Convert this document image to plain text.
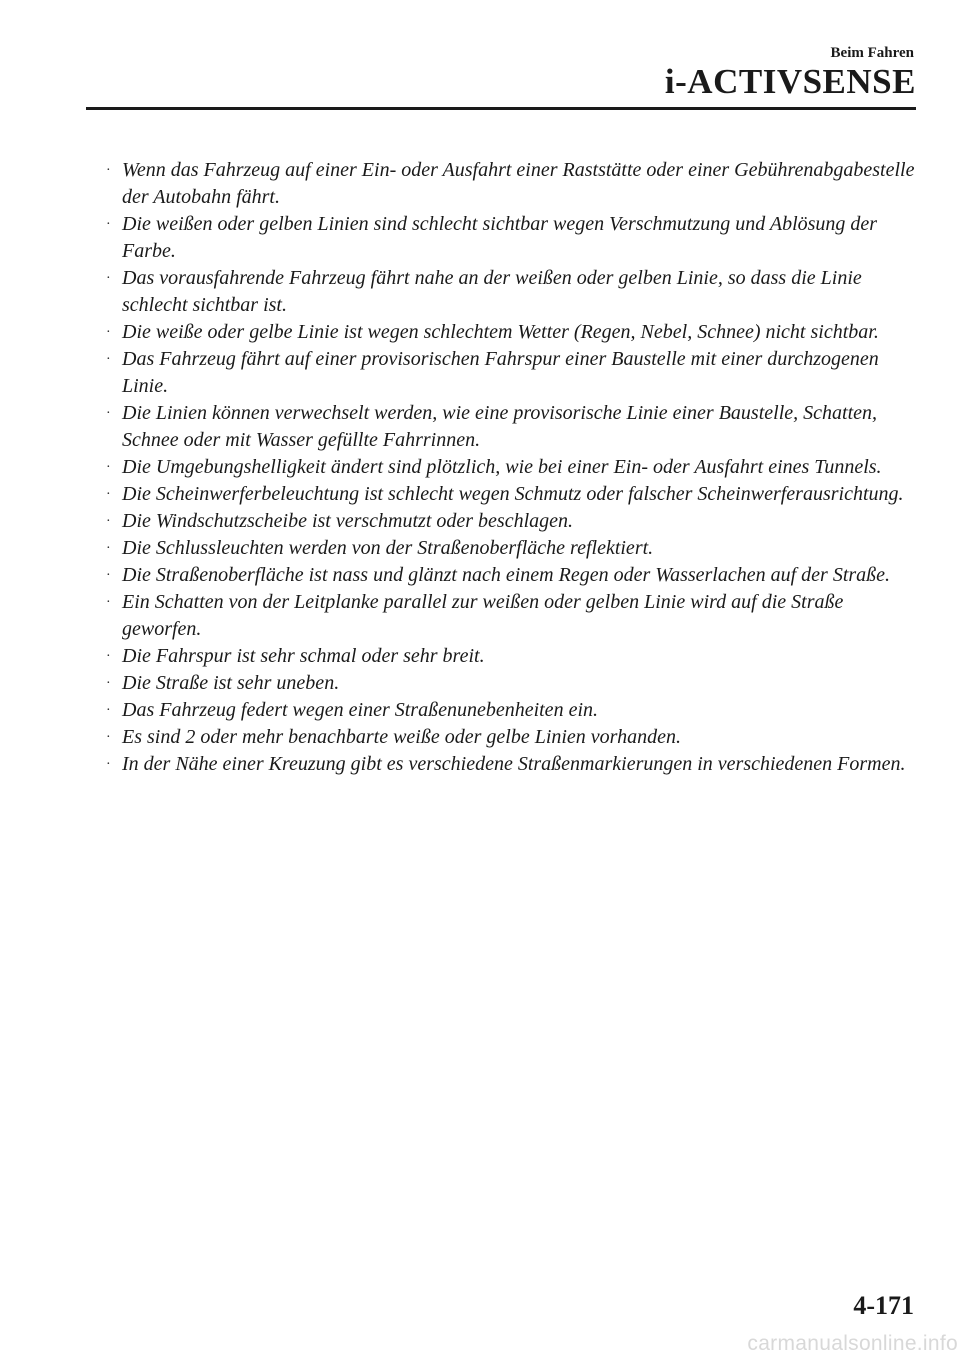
Beim Fahren
i-ACTIVSENSE
· Wenn das Fahrzeug auf einer Ein- oder Ausfahrt einer Raststätte oder einer Gebührenabgabestelle der Autobahn fährt.
· Die weißen oder gelben Linien sind schlecht sichtbar wegen Verschmutzung und Ablösung der Farbe.
· Das vorausfahrende Fahrzeug fährt nahe an der weißen oder gelben Linie, so dass die Linie schlecht sichtbar ist.
· Die weiße oder gelbe Linie ist wegen schlechtem Wetter (Regen, Nebel, Schnee) nicht sichtbar.
· Das Fahrzeug fährt auf einer provisorischen Fahrspur einer Baustelle mit einer durchzogenen Linie.
· Die Linien können verwechselt werden, wie eine provisorische Linie einer Baustelle, Schatten, Schnee oder mit Wasser gefüllte Fahrrinnen.
· Die Umgebungshelligkeit ändert sind plötzlich, wie bei einer Ein- oder Ausfahrt eines Tunnels.
· Die Scheinwerferbeleuchtung ist schlecht wegen Schmutz oder falscher Scheinwerferausrichtung.
· Die Windschutzscheibe ist verschmutzt oder beschlagen.
· Die Schlussleuchten werden von der Straßenoberfläche reflektiert.
· Die Straßenoberfläche ist nass und glänzt nach einem Regen oder Wasserlachen auf der Straße.
· Ein Schatten von der Leitplanke parallel zur weißen oder gelben Linie wird auf die Straße geworfen.
· Die Fahrspur ist sehr schmal oder sehr breit.
· Die Straße ist sehr uneben.
· Das Fahrzeug federt wegen einer Straßenunebenheiten ein.
· Es sind 2 oder mehr benachbarte weiße oder gelbe Linien vorhanden.
· In der Nähe einer Kreuzung gibt es verschiedene Straßenmarkierungen in verschiedenen Formen.
4-171
carmanualsonline.info
